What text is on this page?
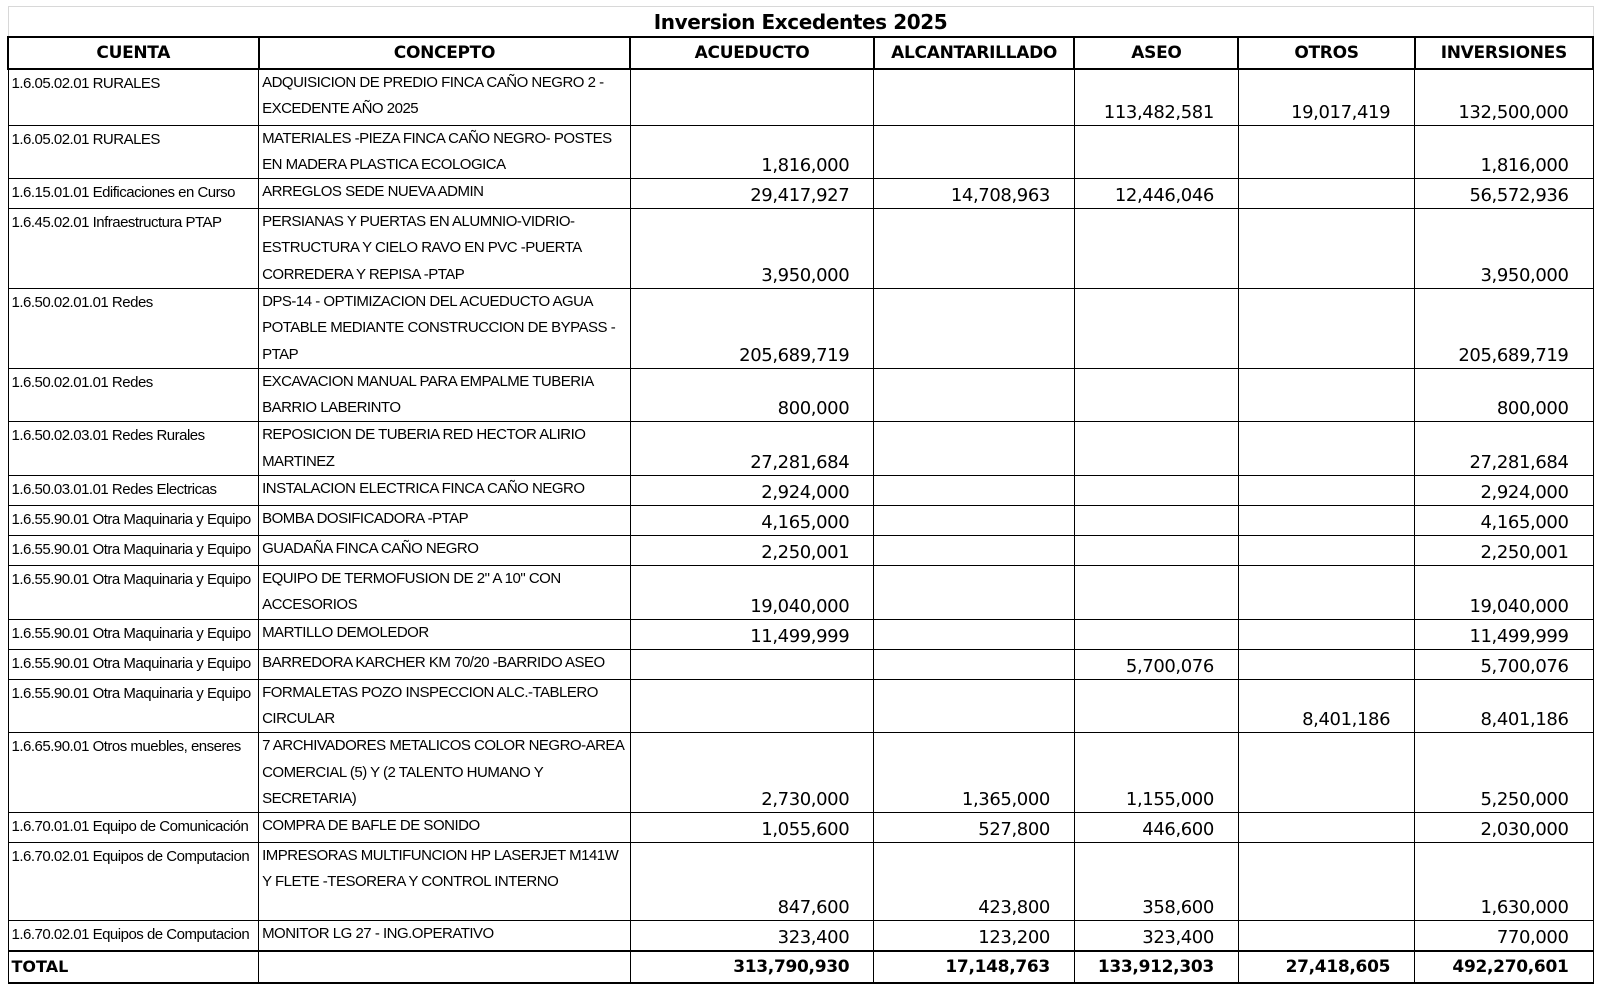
Inversion Excedentes 2025						
CUENTA	CONCEPTO	ACUEDUCTO	ALCANTARILLADO	ASEO	OTROS	INVERSIONES
1.6.05.02.01 RURALES	ADQUISICION DE PREDIO FINCA CAÑO NEGRO 2 - EXCEDENTE AÑO 2025			113,482,581	19,017,419	132,500,000
1.6.05.02.01 RURALES	MATERIALES -PIEZA FINCA CAÑO NEGRO- POSTES EN MADERA PLASTICA ECOLOGICA	1,816,000				1,816,000
1.6.15.01.01 Edificaciones en Curso	ARREGLOS SEDE NUEVA ADMIN	29,417,927	14,708,963	12,446,046		56,572,936
1.6.45.02.01 Infraestructura PTAP	PERSIANAS Y PUERTAS EN ALUMNIO-VIDRIO-ESTRUCTURA Y CIELO RAVO EN PVC -PUERTA CORREDERA Y REPISA -PTAP	3,950,000				3,950,000
1.6.50.02.01.01 Redes	DPS-14 - OPTIMIZACION DEL ACUEDUCTO AGUA POTABLE MEDIANTE CONSTRUCCION DE BYPASS - PTAP	205,689,719				205,689,719
1.6.50.02.01.01 Redes	EXCAVACION MANUAL PARA EMPALME TUBERIA BARRIO LABERINTO	800,000				800,000
1.6.50.02.03.01 Redes Rurales	REPOSICION DE TUBERIA RED HECTOR ALIRIO MARTINEZ	27,281,684				27,281,684
1.6.50.03.01.01 Redes Electricas	INSTALACION ELECTRICA FINCA CAÑO NEGRO	2,924,000				2,924,000
1.6.55.90.01 Otra Maquinaria y Equipo	BOMBA DOSIFICADORA -PTAP	4,165,000				4,165,000
1.6.55.90.01 Otra Maquinaria y Equipo	GUADAÑA FINCA CAÑO NEGRO	2,250,001				2,250,001
1.6.55.90.01 Otra Maquinaria y Equipo	EQUIPO DE TERMOFUSION DE 2" A 10" CON ACCESORIOS	19,040,000				19,040,000
1.6.55.90.01 Otra Maquinaria y Equipo	MARTILLO DEMOLEDOR	11,499,999				11,499,999
1.6.55.90.01 Otra Maquinaria y Equipo	BARREDORA KARCHER KM 70/20 -BARRIDO ASEO			5,700,076		5,700,076
1.6.55.90.01 Otra Maquinaria y Equipo	FORMALETAS POZO INSPECCION ALC.-TABLERO CIRCULAR				8,401,186	8,401,186
1.6.65.90.01 Otros muebles, enseres	7 ARCHIVADORES METALICOS COLOR NEGRO-AREA COMERCIAL (5) Y (2 TALENTO HUMANO Y SECRETARIA)	2,730,000	1,365,000	1,155,000		5,250,000
1.6.70.01.01 Equipo de Comunicación	COMPRA DE BAFLE DE SONIDO	1,055,600	527,800	446,600		2,030,000
1.6.70.02.01 Equipos de Computacion	IMPRESORAS MULTIFUNCION HP LASERJET M141W Y FLETE -TESORERA Y CONTROL INTERNO	847,600	423,800	358,600		1,630,000
1.6.70.02.01 Equipos de Computacion	MONITOR LG 27 - ING.OPERATIVO	323,400	123,200	323,400		770,000
TOTAL		313,790,930	17,148,763	133,912,303	27,418,605	492,270,601
